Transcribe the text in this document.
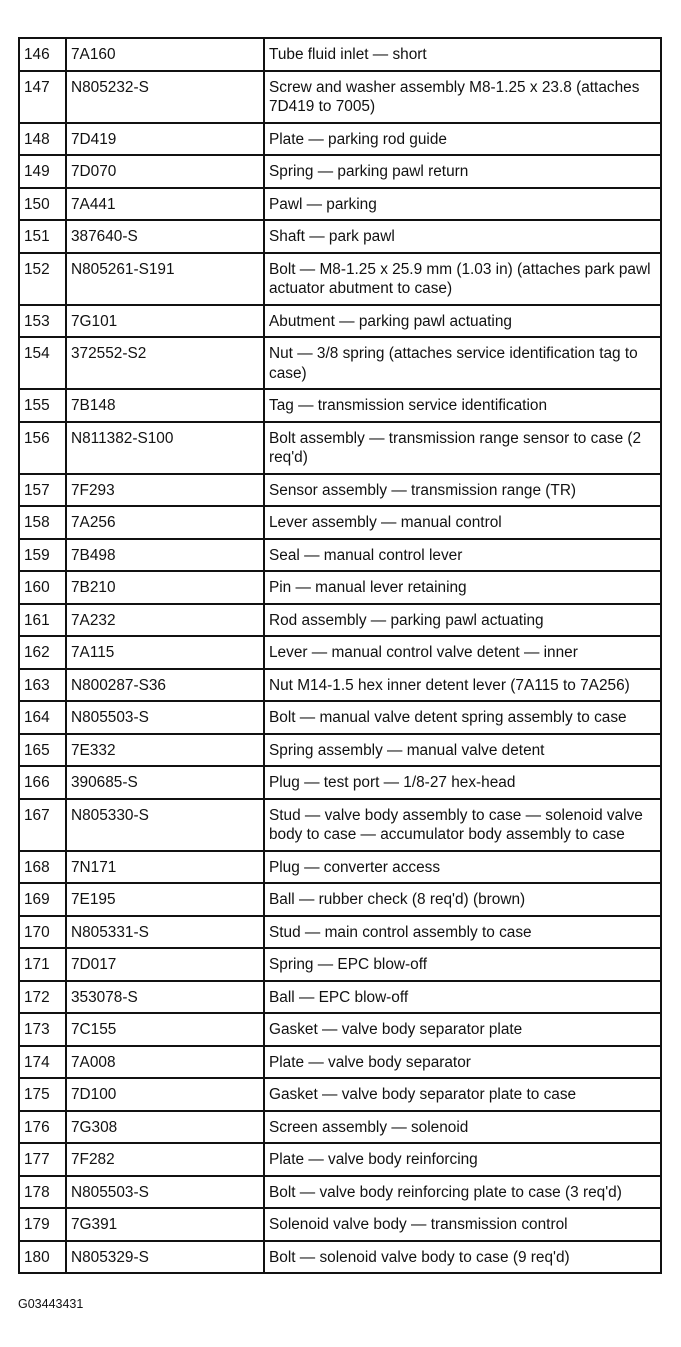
146	7A160	Tube fluid inlet — short
147	N805232-S	Screw and washer assembly M8-1.25 x 23.8 (attaches 7D419 to 7005)
148	7D419	Plate — parking rod guide
149	7D070	Spring — parking pawl return
150	7A441	Pawl — parking
151	387640-S	Shaft — park pawl
152	N805261-S191	Bolt — M8-1.25 x 25.9 mm (1.03 in) (attaches park pawl actuator abutment to case)
153	7G101	Abutment — parking pawl actuating
154	372552-S2	Nut — 3/8 spring (attaches service identification tag to case)
155	7B148	Tag — transmission service identification
156	N811382-S100	Bolt assembly — transmission range sensor to case (2 req'd)
157	7F293	Sensor assembly — transmission range (TR)
158	7A256	Lever assembly — manual control
159	7B498	Seal — manual control lever
160	7B210	Pin — manual lever retaining
161	7A232	Rod assembly — parking pawl actuating
162	7A115	Lever — manual control valve detent — inner
163	N800287-S36	Nut M14-1.5 hex inner detent lever (7A115 to 7A256)
164	N805503-S	Bolt — manual valve detent spring assembly to case
165	7E332	Spring assembly — manual valve detent
166	390685-S	Plug — test port — 1/8-27 hex-head
167	N805330-S	Stud — valve body assembly to case — solenoid valve body to case — accumulator body assembly to case
168	7N171	Plug — converter access
169	7E195	Ball — rubber check (8 req'd) (brown)
170	N805331-S	Stud — main control assembly to case
171	7D017	Spring — EPC blow-off
172	353078-S	Ball — EPC blow-off
173	7C155	Gasket — valve body separator plate
174	7A008	Plate — valve body separator
175	7D100	Gasket — valve body separator plate to case
176	7G308	Screen assembly — solenoid
177	7F282	Plate — valve body reinforcing
178	N805503-S	Bolt — valve body reinforcing plate to case (3 req'd)
179	7G391	Solenoid valve body — transmission control
180	N805329-S	Bolt — solenoid valve body to case (9 req'd)
G03443431
